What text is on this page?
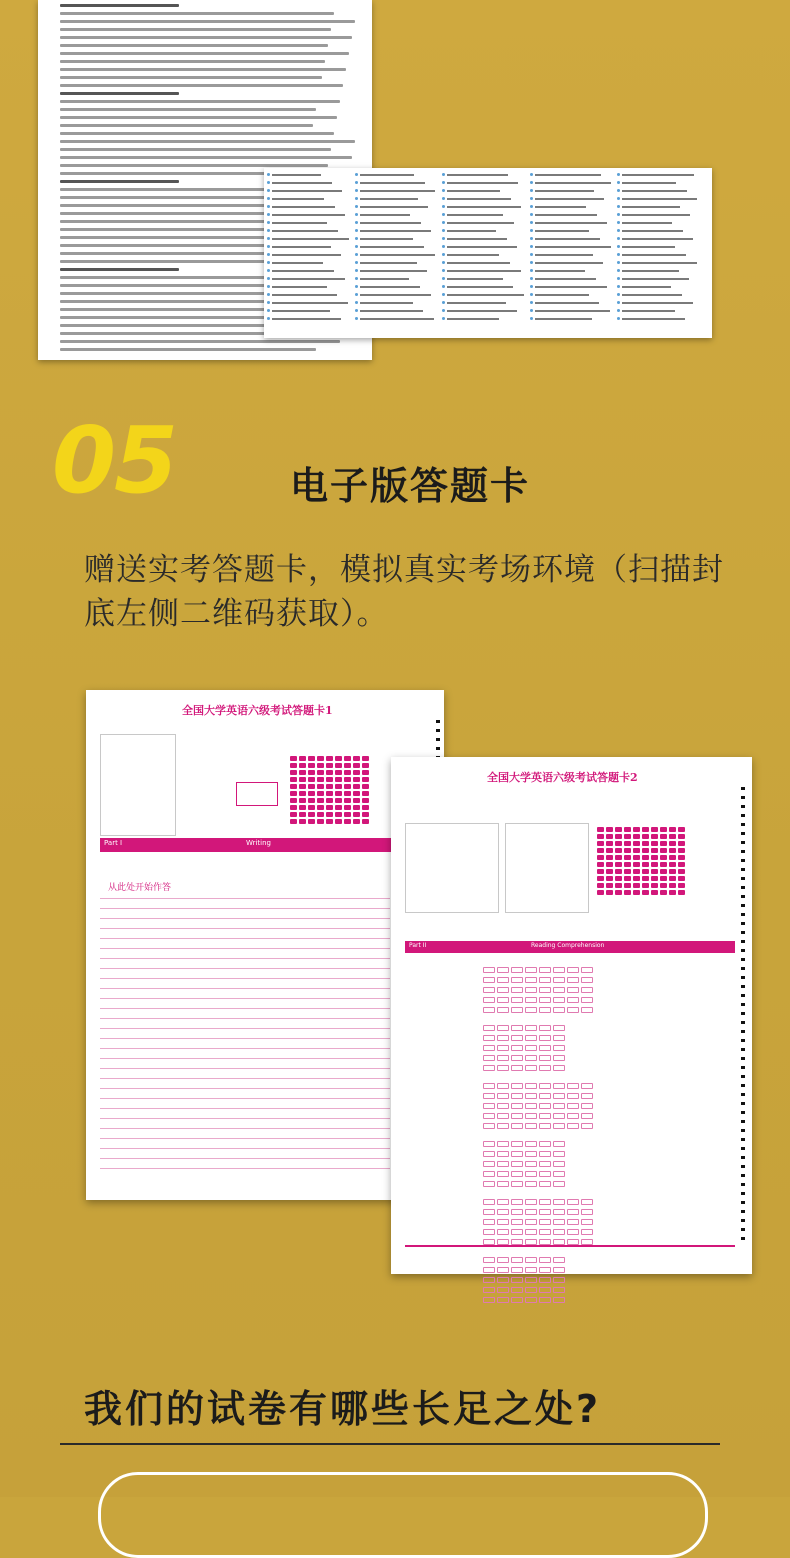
05	电子版答题卡
赠送实考答题卡，模拟真实考场环境（扫描封底左侧二维码获取）。
全国大学英语六级考试答题卡1
Part I	Writing
从此处开始作答
全国大学英语六级考试答题卡2
Part II	Reading Comprehension
我们的试卷有哪些长足之处?
